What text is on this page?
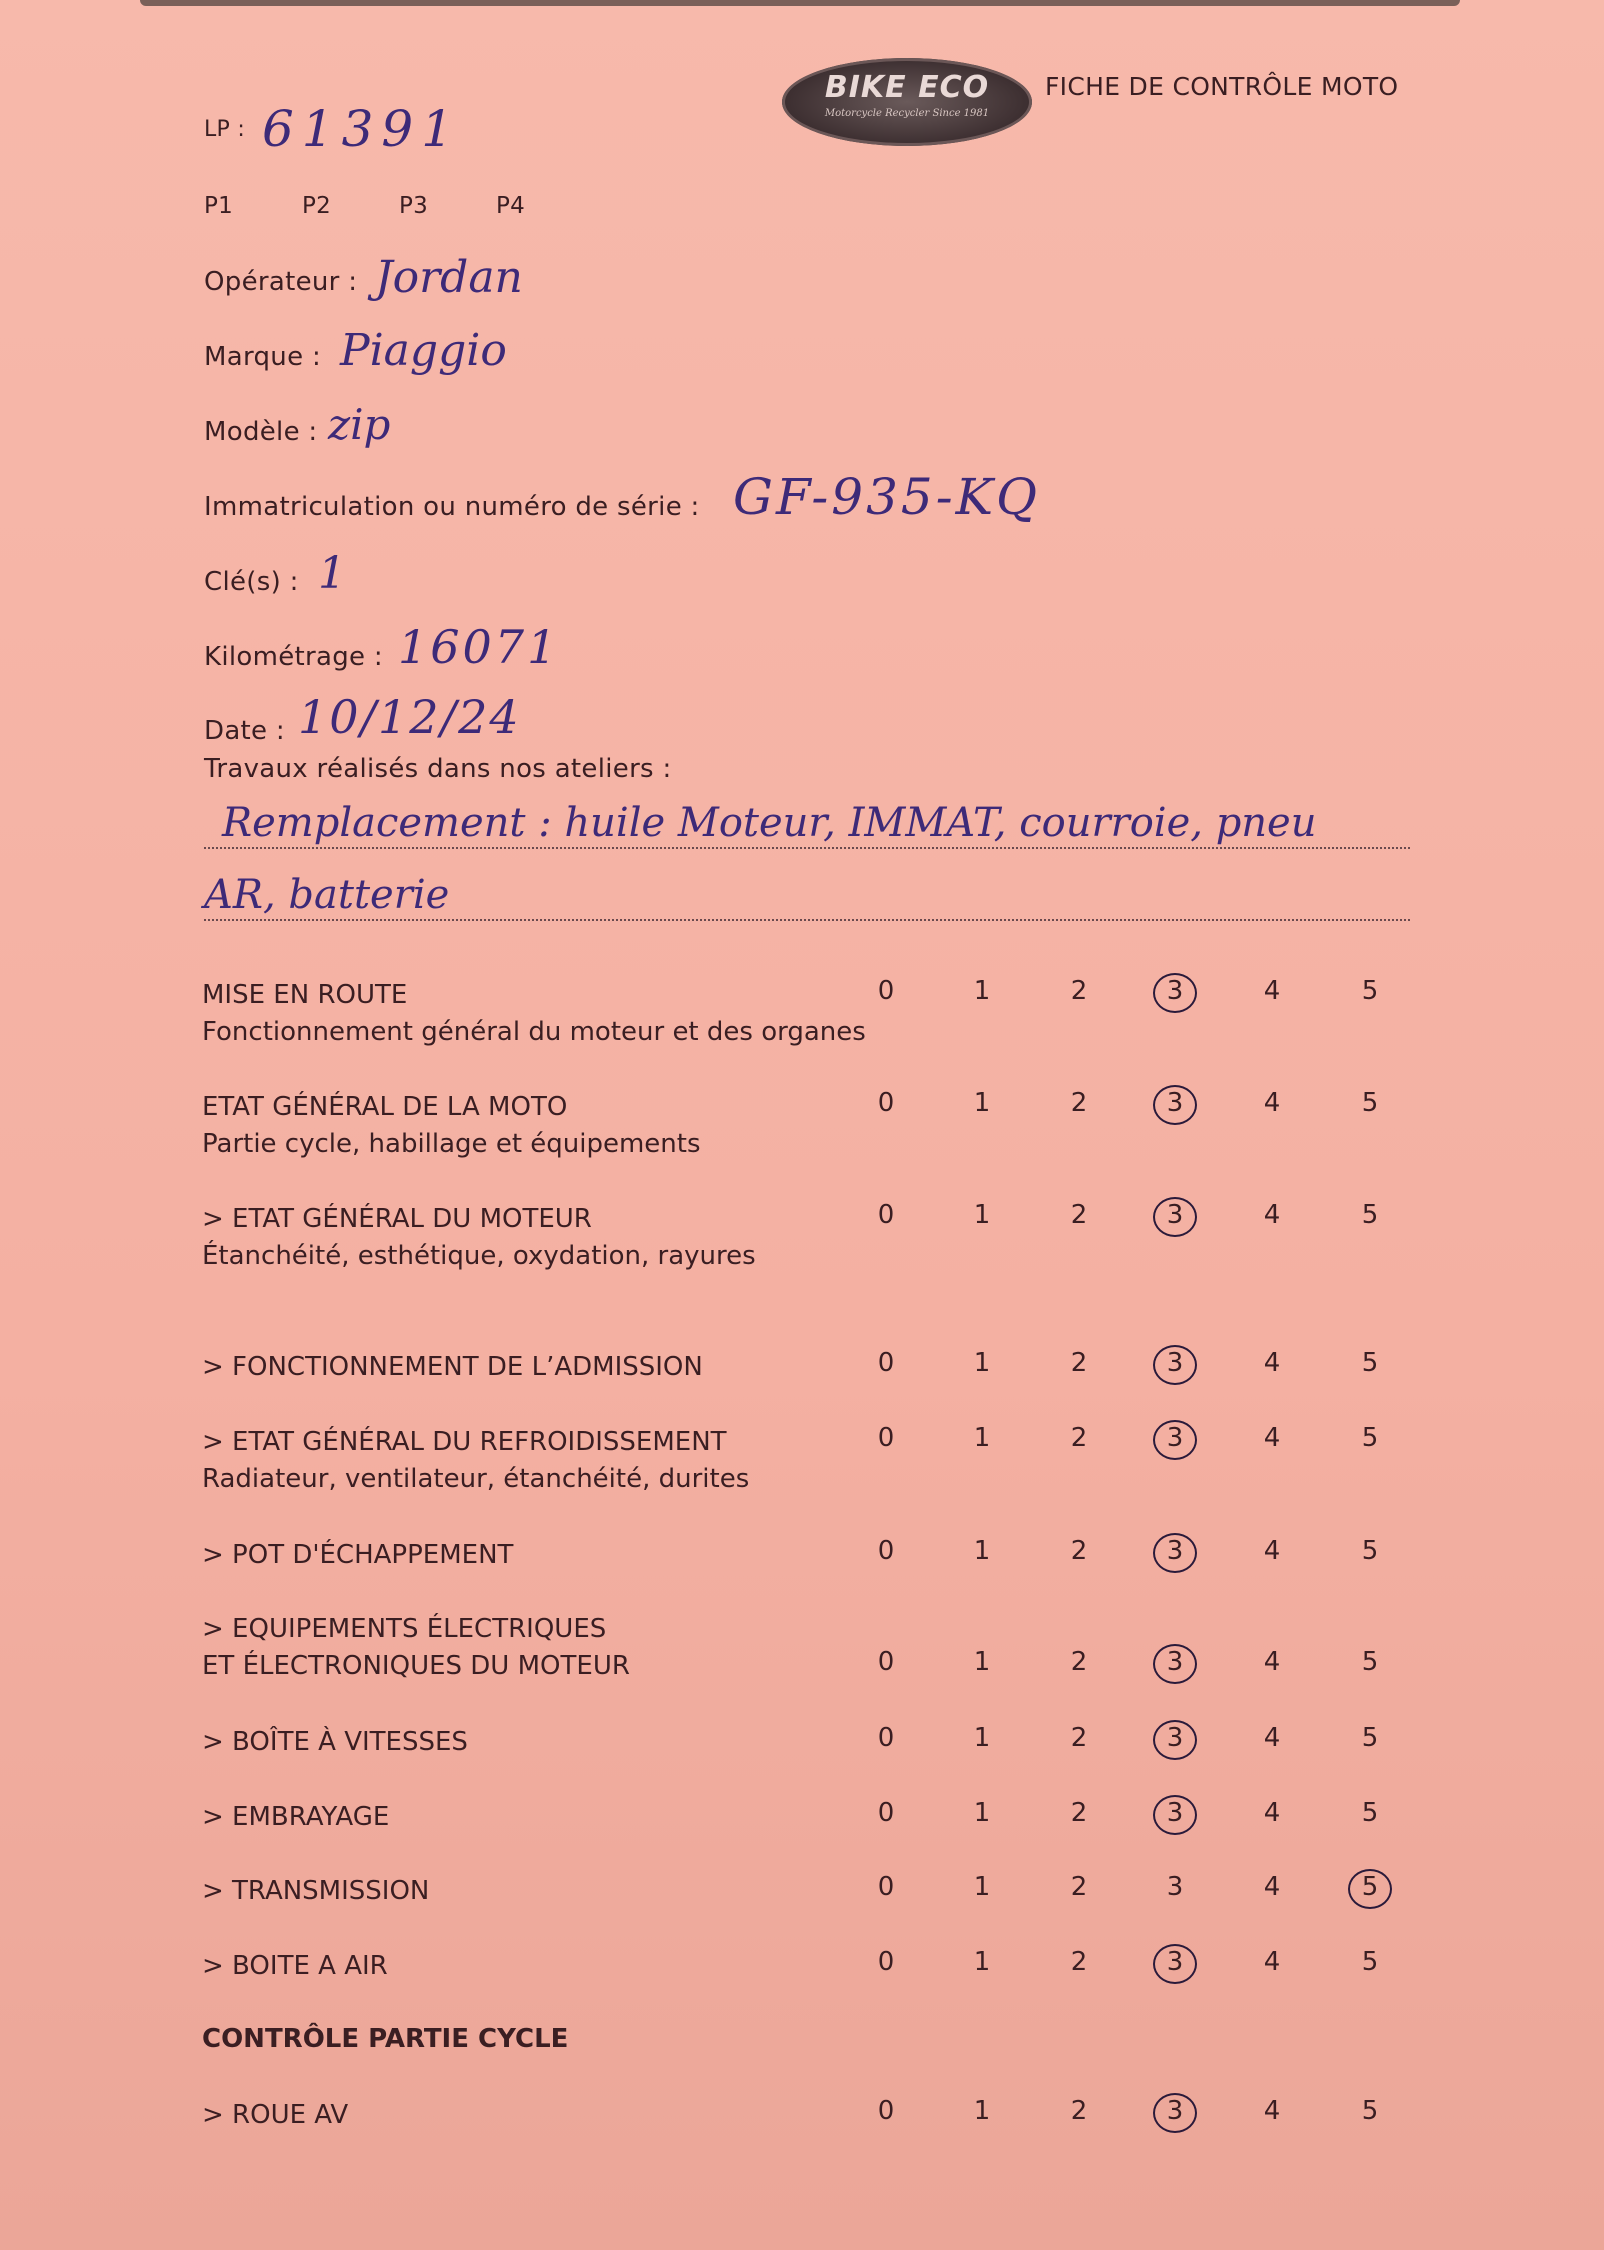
BIKE ECO
Motorcycle Recycler Since 1981
FICHE DE CONTRÔLE MOTO
LP : 61391
P1	P2	P3	P4
Opérateur : Jordan
Marque : Piaggio
Modèle : zip
Immatriculation ou numéro de série : GF-935-KQ
Clé(s) : 1
Kilométrage : 16071
Date : 10/12/24
Travaux réalisés dans nos ateliers :
Remplacement : huile Moteur, IMMAT, courroie, pneu
AR, batterie
MISE EN ROUTE
Fonctionnement général du moteur et des organes
0	1	2	3	4	5
ETAT GÉNÉRAL DE LA MOTO
Partie cycle, habillage et équipements
0	1	2	3	4	5
> ETAT GÉNÉRAL DU MOTEUR
Étanchéité, esthétique, oxydation, rayures
0	1	2	3	4	5
> FONCTIONNEMENT DE L’ADMISSION	0	1	2	3	4	5
> ETAT GÉNÉRAL DU REFROIDISSEMENT
Radiateur, ventilateur, étanchéité, durites
0	1	2	3	4	5
> POT D'ÉCHAPPEMENT	0	1	2	3	4	5
> EQUIPEMENTS ÉLECTRIQUES
ET ÉLECTRONIQUES DU MOTEUR	0	1	2	3	4	5
> BOÎTE À VITESSES	0	1	2	3	4	5
> EMBRAYAGE	0	1	2	3	4	5
> TRANSMISSION	0	1	2	3	4	5
> BOITE A AIR	0	1	2	3	4	5
CONTRÔLE PARTIE CYCLE
> ROUE AV	0	1	2	3	4	5
